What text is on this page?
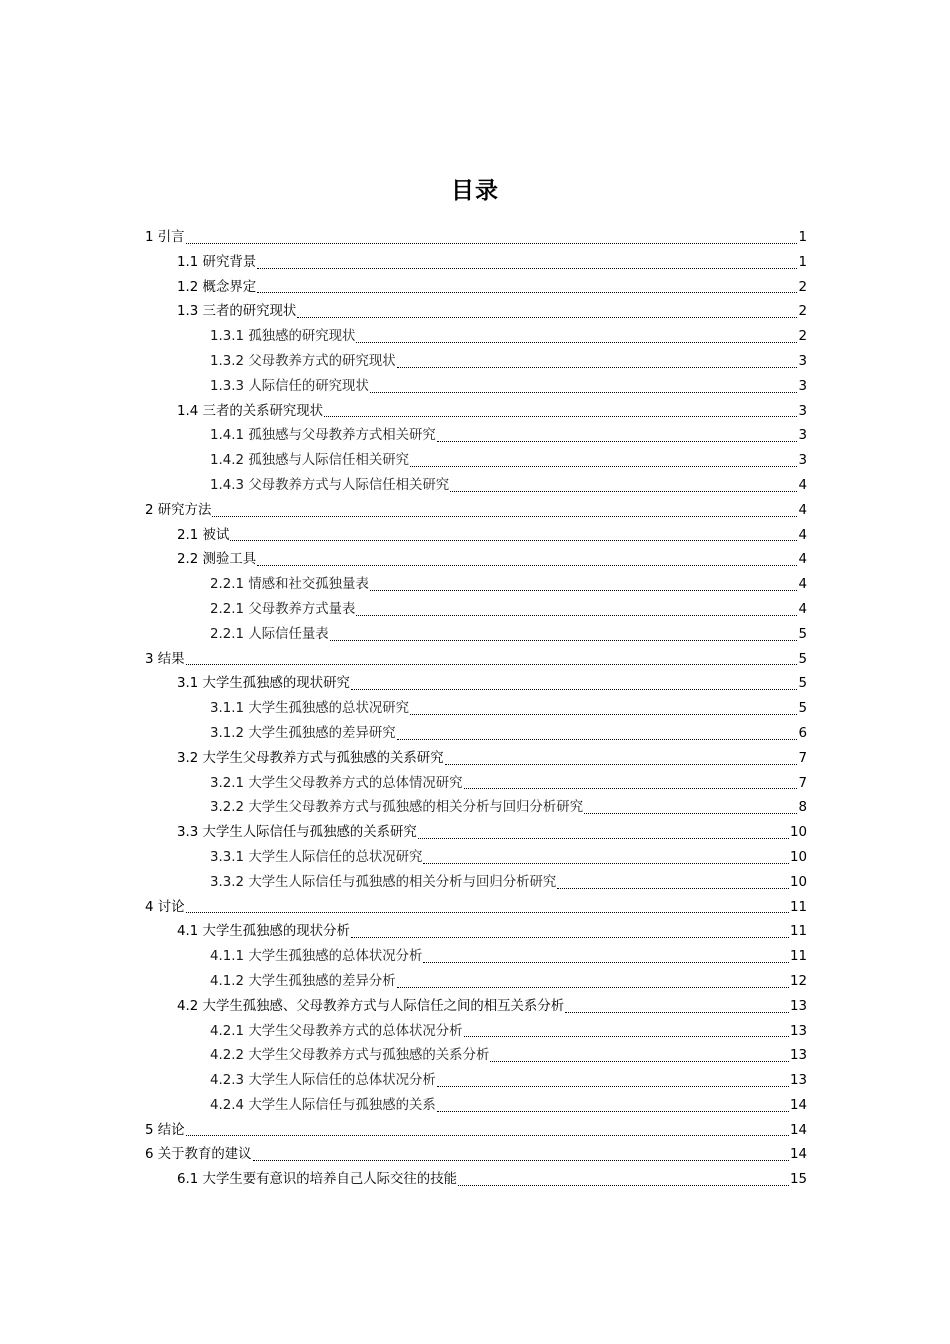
目录
1 引言	1
1.1 研究背景	1
1.2 概念界定	2
1.3 三者的研究现状	2
1.3.1 孤独感的研究现状	2
1.3.2 父母教养方式的研究现状	3
1.3.3 人际信任的研究现状	3
1.4 三者的关系研究现状	3
1.4.1 孤独感与父母教养方式相关研究	3
1.4.2 孤独感与人际信任相关研究	3
1.4.3 父母教养方式与人际信任相关研究	4
2 研究方法	4
2.1 被试	4
2.2 测验工具	4
2.2.1 情感和社交孤独量表	4
2.2.1 父母教养方式量表	4
2.2.1 人际信任量表	5
3 结果	5
3.1 大学生孤独感的现状研究	5
3.1.1 大学生孤独感的总状况研究	5
3.1.2 大学生孤独感的差异研究	6
3.2 大学生父母教养方式与孤独感的关系研究	7
3.2.1 大学生父母教养方式的总体情况研究	7
3.2.2 大学生父母教养方式与孤独感的相关分析与回归分析研究	8
3.3 大学生人际信任与孤独感的关系研究	10
3.3.1 大学生人际信任的总状况研究	10
3.3.2 大学生人际信任与孤独感的相关分析与回归分析研究	10
4 讨论	11
4.1 大学生孤独感的现状分析	11
4.1.1 大学生孤独感的总体状况分析	11
4.1.2 大学生孤独感的差异分析	12
4.2 大学生孤独感、父母教养方式与人际信任之间的相互关系分析	13
4.2.1 大学生父母教养方式的总体状况分析	13
4.2.2 大学生父母教养方式与孤独感的关系分析	13
4.2.3 大学生人际信任的总体状况分析	13
4.2.4 大学生人际信任与孤独感的关系	14
5 结论	14
6 关于教育的建议	14
6.1 大学生要有意识的培养自己人际交往的技能	15
